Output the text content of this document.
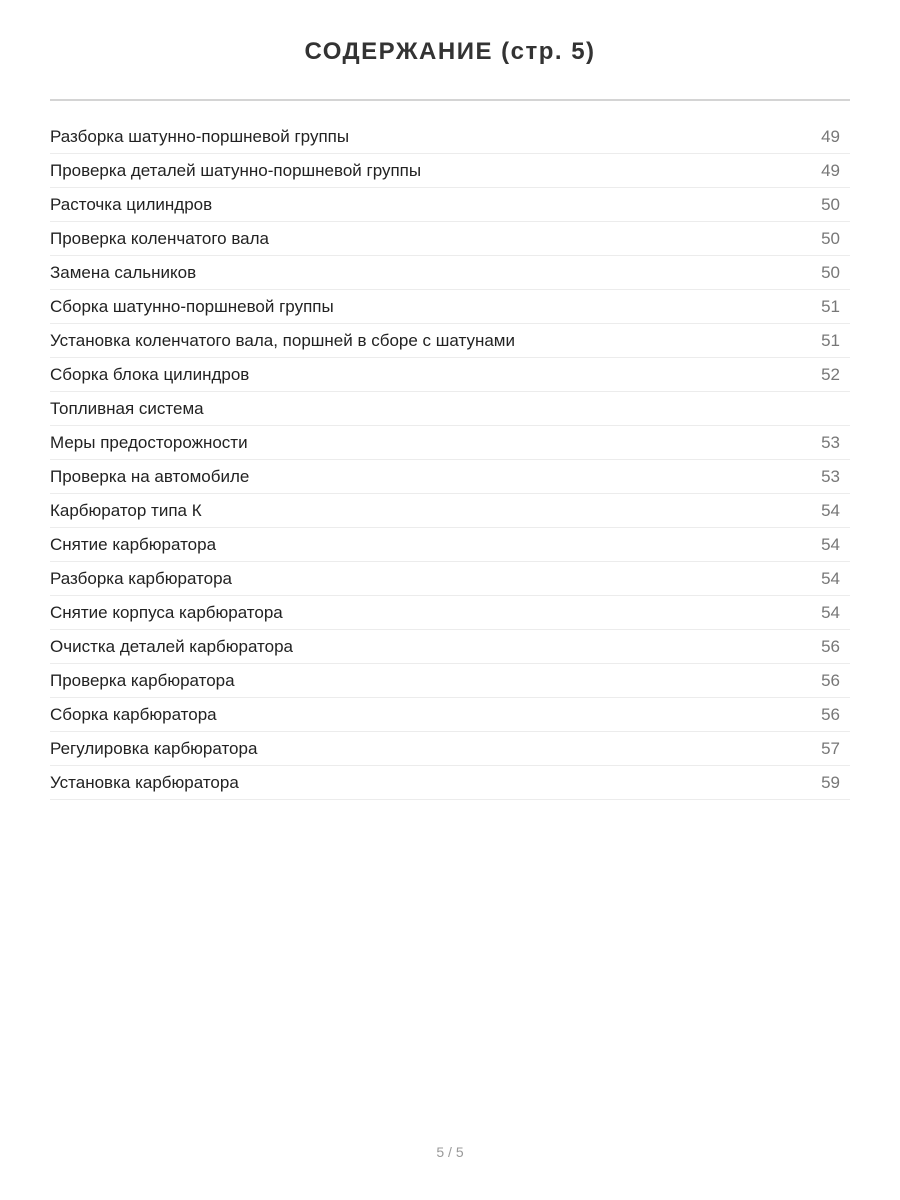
СОДЕРЖАНИЕ (стр. 5)
Разборка шатунно-поршневой группы	49
Проверка деталей шатунно-поршневой группы	49
Расточка цилиндров	50
Проверка коленчатого вала	50
Замена сальников	50
Сборка шатунно-поршневой группы	51
Установка коленчатого вала, поршней в сборе с шатунами	51
Сборка блока цилиндров	52
Топливная система
Меры предосторожности	53
Проверка на автомобиле	53
Карбюратор типа К	54
Снятие карбюратора	54
Разборка карбюратора	54
Снятие корпуса карбюратора	54
Очистка деталей карбюратора	56
Проверка карбюратора	56
Сборка карбюратора	56
Регулировка карбюратора	57
Установка карбюратора	59
5 / 5
